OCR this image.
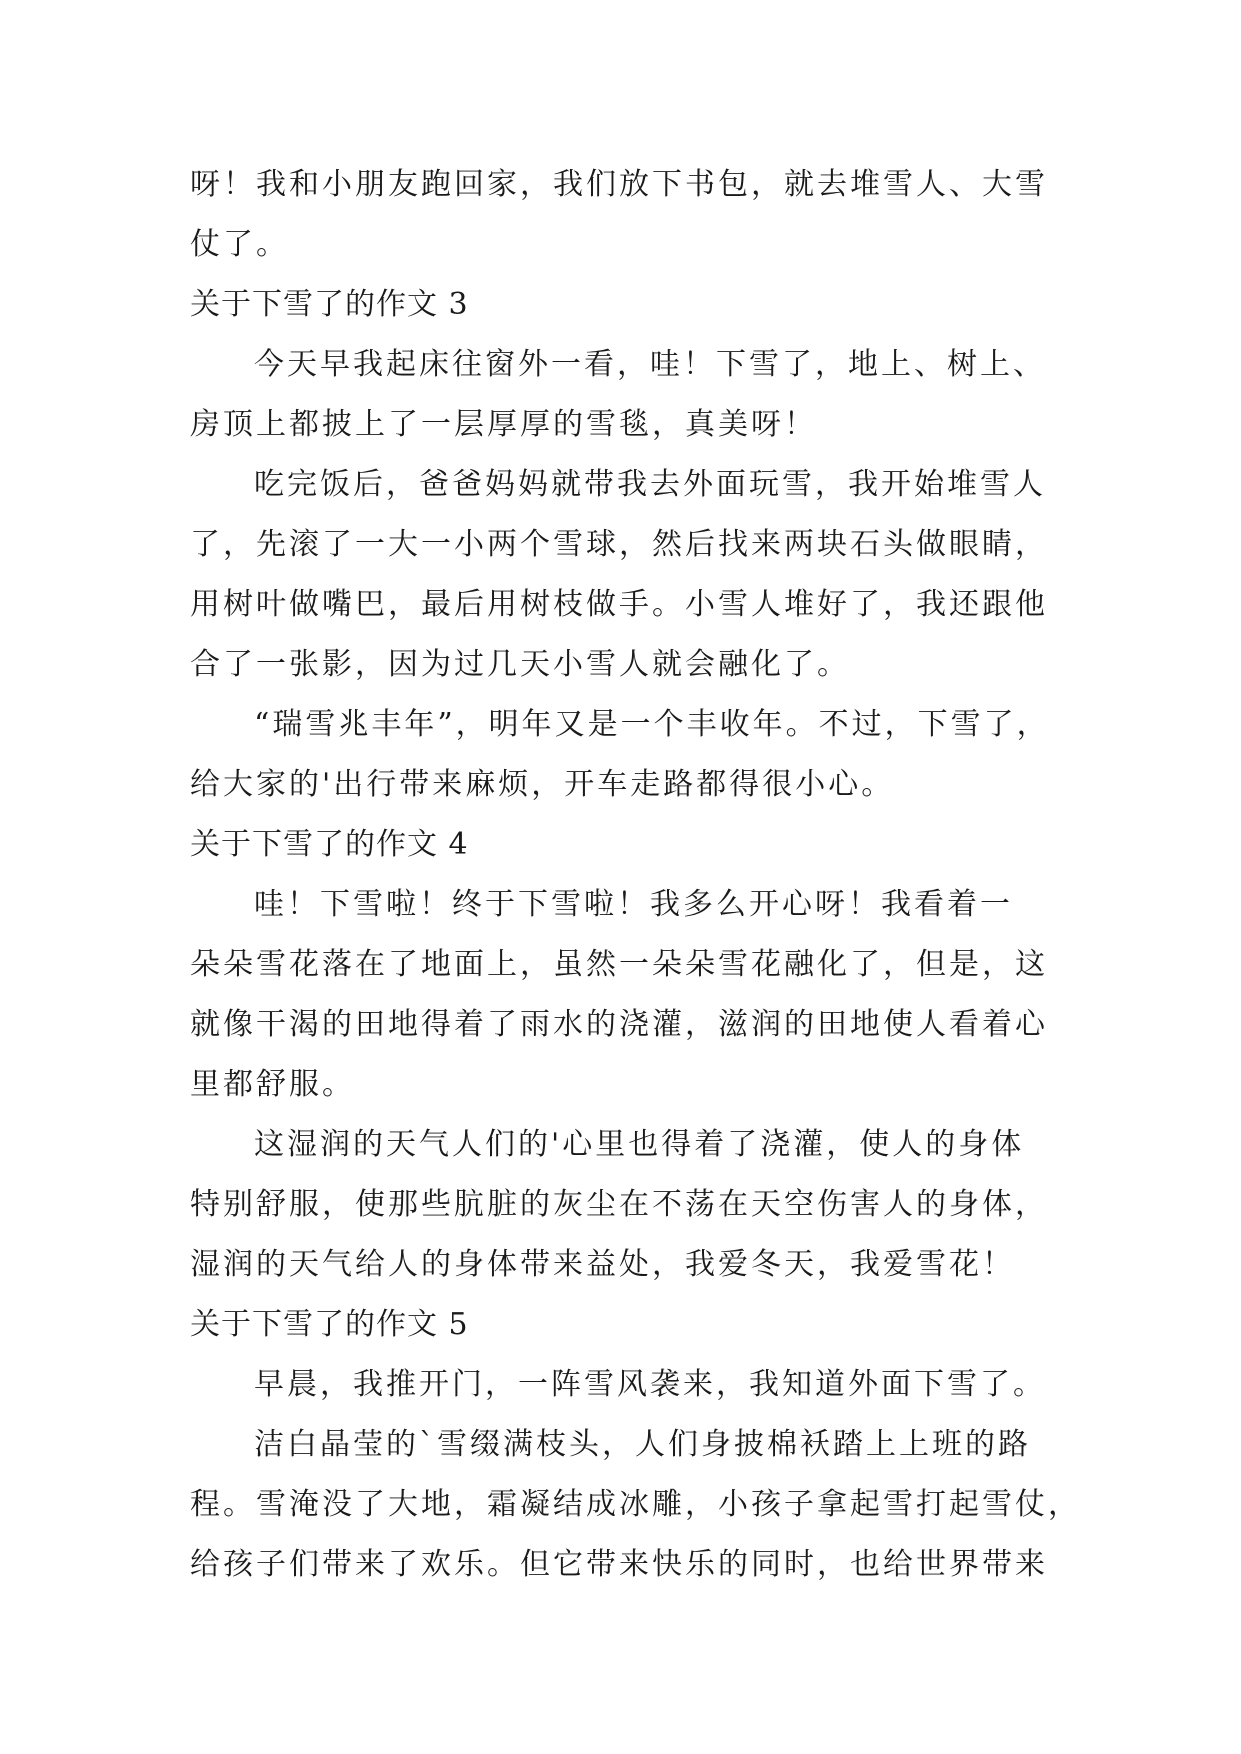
呀！我和小朋友跑回家，我们放下书包，就去堆雪人、大雪
仗了。
关于下雪了的作文 3
今天早我起床往窗外一看，哇！下雪了，地上、树上、
房顶上都披上了一层厚厚的雪毯，真美呀！
吃完饭后，爸爸妈妈就带我去外面玩雪，我开始堆雪人
了，先滚了一大一小两个雪球，然后找来两块石头做眼睛，
用树叶做嘴巴，最后用树枝做手。小雪人堆好了，我还跟他
合了一张影，因为过几天小雪人就会融化了。
“瑞雪兆丰年”，明年又是一个丰收年。不过，下雪了，
给大家的'出行带来麻烦，开车走路都得很小心。
关于下雪了的作文 4
哇！下雪啦！终于下雪啦！我多么开心呀！我看着一
朵朵雪花落在了地面上，虽然一朵朵雪花融化了，但是，这
就像干渴的田地得着了雨水的浇灌，滋润的田地使人看着心
里都舒服。
这湿润的天气人们的'心里也得着了浇灌，使人的身体
特别舒服，使那些肮脏的灰尘在不荡在天空伤害人的身体，
湿润的天气给人的身体带来益处，我爱冬天，我爱雪花！
关于下雪了的作文 5
早晨，我推开门，一阵雪风袭来，我知道外面下雪了。
洁白晶莹的`雪缀满枝头，人们身披棉袄踏上上班的路
程。雪淹没了大地，霜凝结成冰雕，小孩子拿起雪打起雪仗，
给孩子们带来了欢乐。但它带来快乐的同时，也给世界带来
